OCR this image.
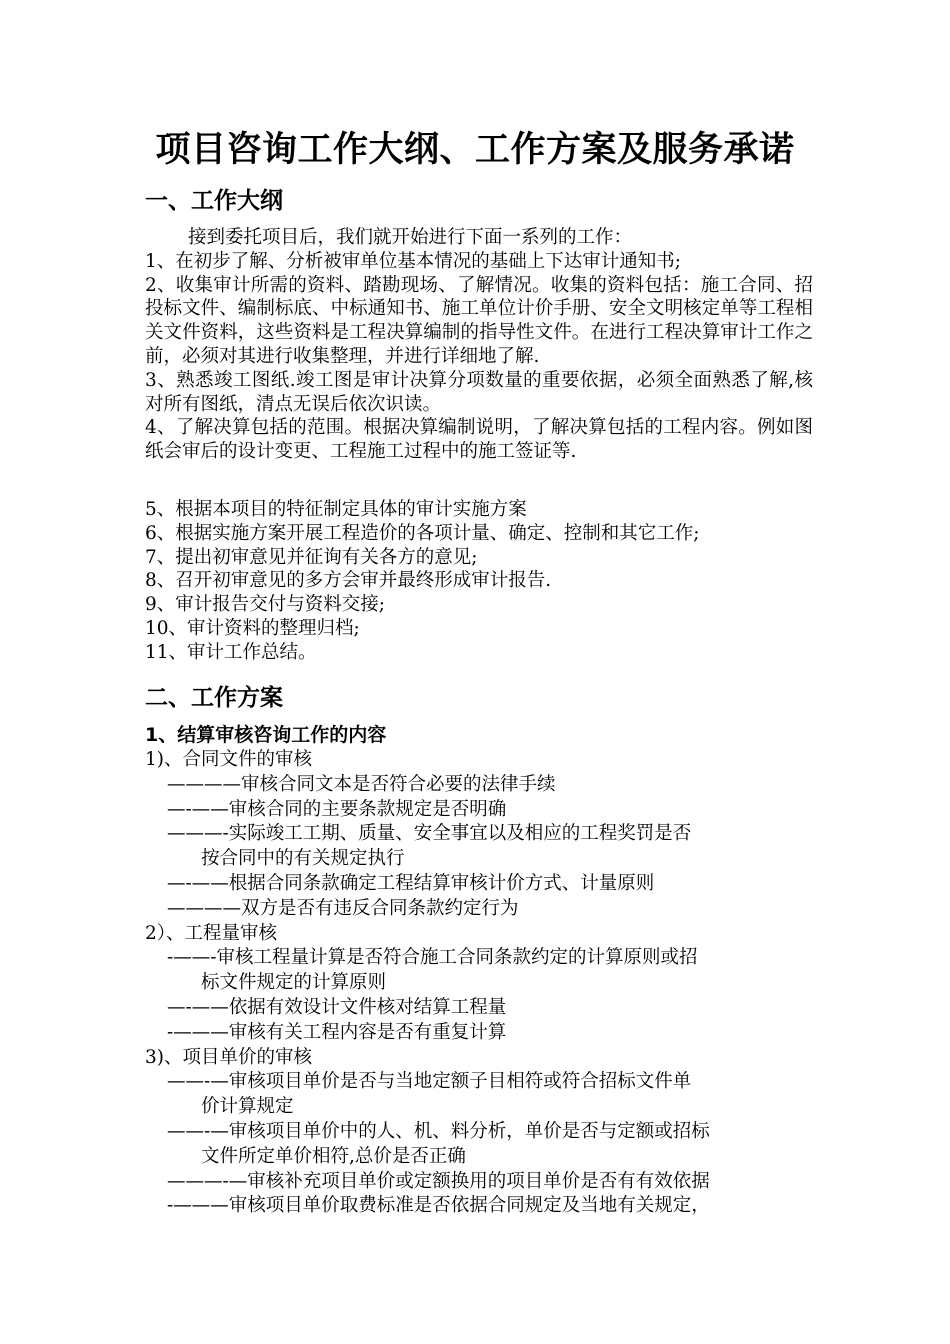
项目咨询工作大纲、工作方案及服务承诺
一、工作大纲
接到委托项目后，我们就开始进行下面一系列的工作：
1、在初步了解、分析被审单位基本情况的基础上下达审计通知书;
2、收集审计所需的资料、踏勘现场、了解情况。收集的资料包括：施工合同、招投标文件、编制标底、中标通知书、施工单位计价手册、安全文明核定单等工程相关文件资料，这些资料是工程决算编制的指导性文件。在进行工程决算审计工作之前，必须对其进行收集整理，并进行详细地了解.
3、熟悉竣工图纸.竣工图是审计决算分项数量的重要依据，必须全面熟悉了解,核对所有图纸，清点无误后依次识读。
4、了解决算包括的范围。根据决算编制说明，了解决算包括的工程内容。例如图纸会审后的设计变更、工程施工过程中的施工签证等.
5、根据本项目的特征制定具体的审计实施方案
6、根据实施方案开展工程造价的各项计量、确定、控制和其它工作;
7、提出初审意见并征询有关各方的意见;
8、召开初审意见的多方会审并最终形成审计报告.
9、审计报告交付与资料交接;
10、审计资料的整理归档;
11、审计工作总结。
二、工作方案
1、结算审核咨询工作的内容
1)、合同文件的审核
————审核合同文本是否符合必要的法律手续
—-——审核合同的主要条款规定是否明确
———-实际竣工工期、质量、安全事宜以及相应的工程奖罚是否
按合同中的有关规定执行
—-——根据合同条款确定工程结算审核计价方式、计量原则
————双方是否有违反合同条款约定行为
2）、工程量审核
-——-审核工程量计算是否符合施工合同条款约定的计算原则或招
标文件规定的计算原则
—-——依据有效设计文件核对结算工程量
-———审核有关工程内容是否有重复计算
3)、项目单价的审核
——-—审核项目单价是否与当地定额子目相符或符合招标文件单
价计算规定
——-—审核项目单价中的人、机、料分析，单价是否与定额或招标
文件所定单价相符,总价是否正确
———-—审核补充项目单价或定额换用的项目单价是否有有效依据
-———审核项目单价取费标准是否依据合同规定及当地有关规定，
